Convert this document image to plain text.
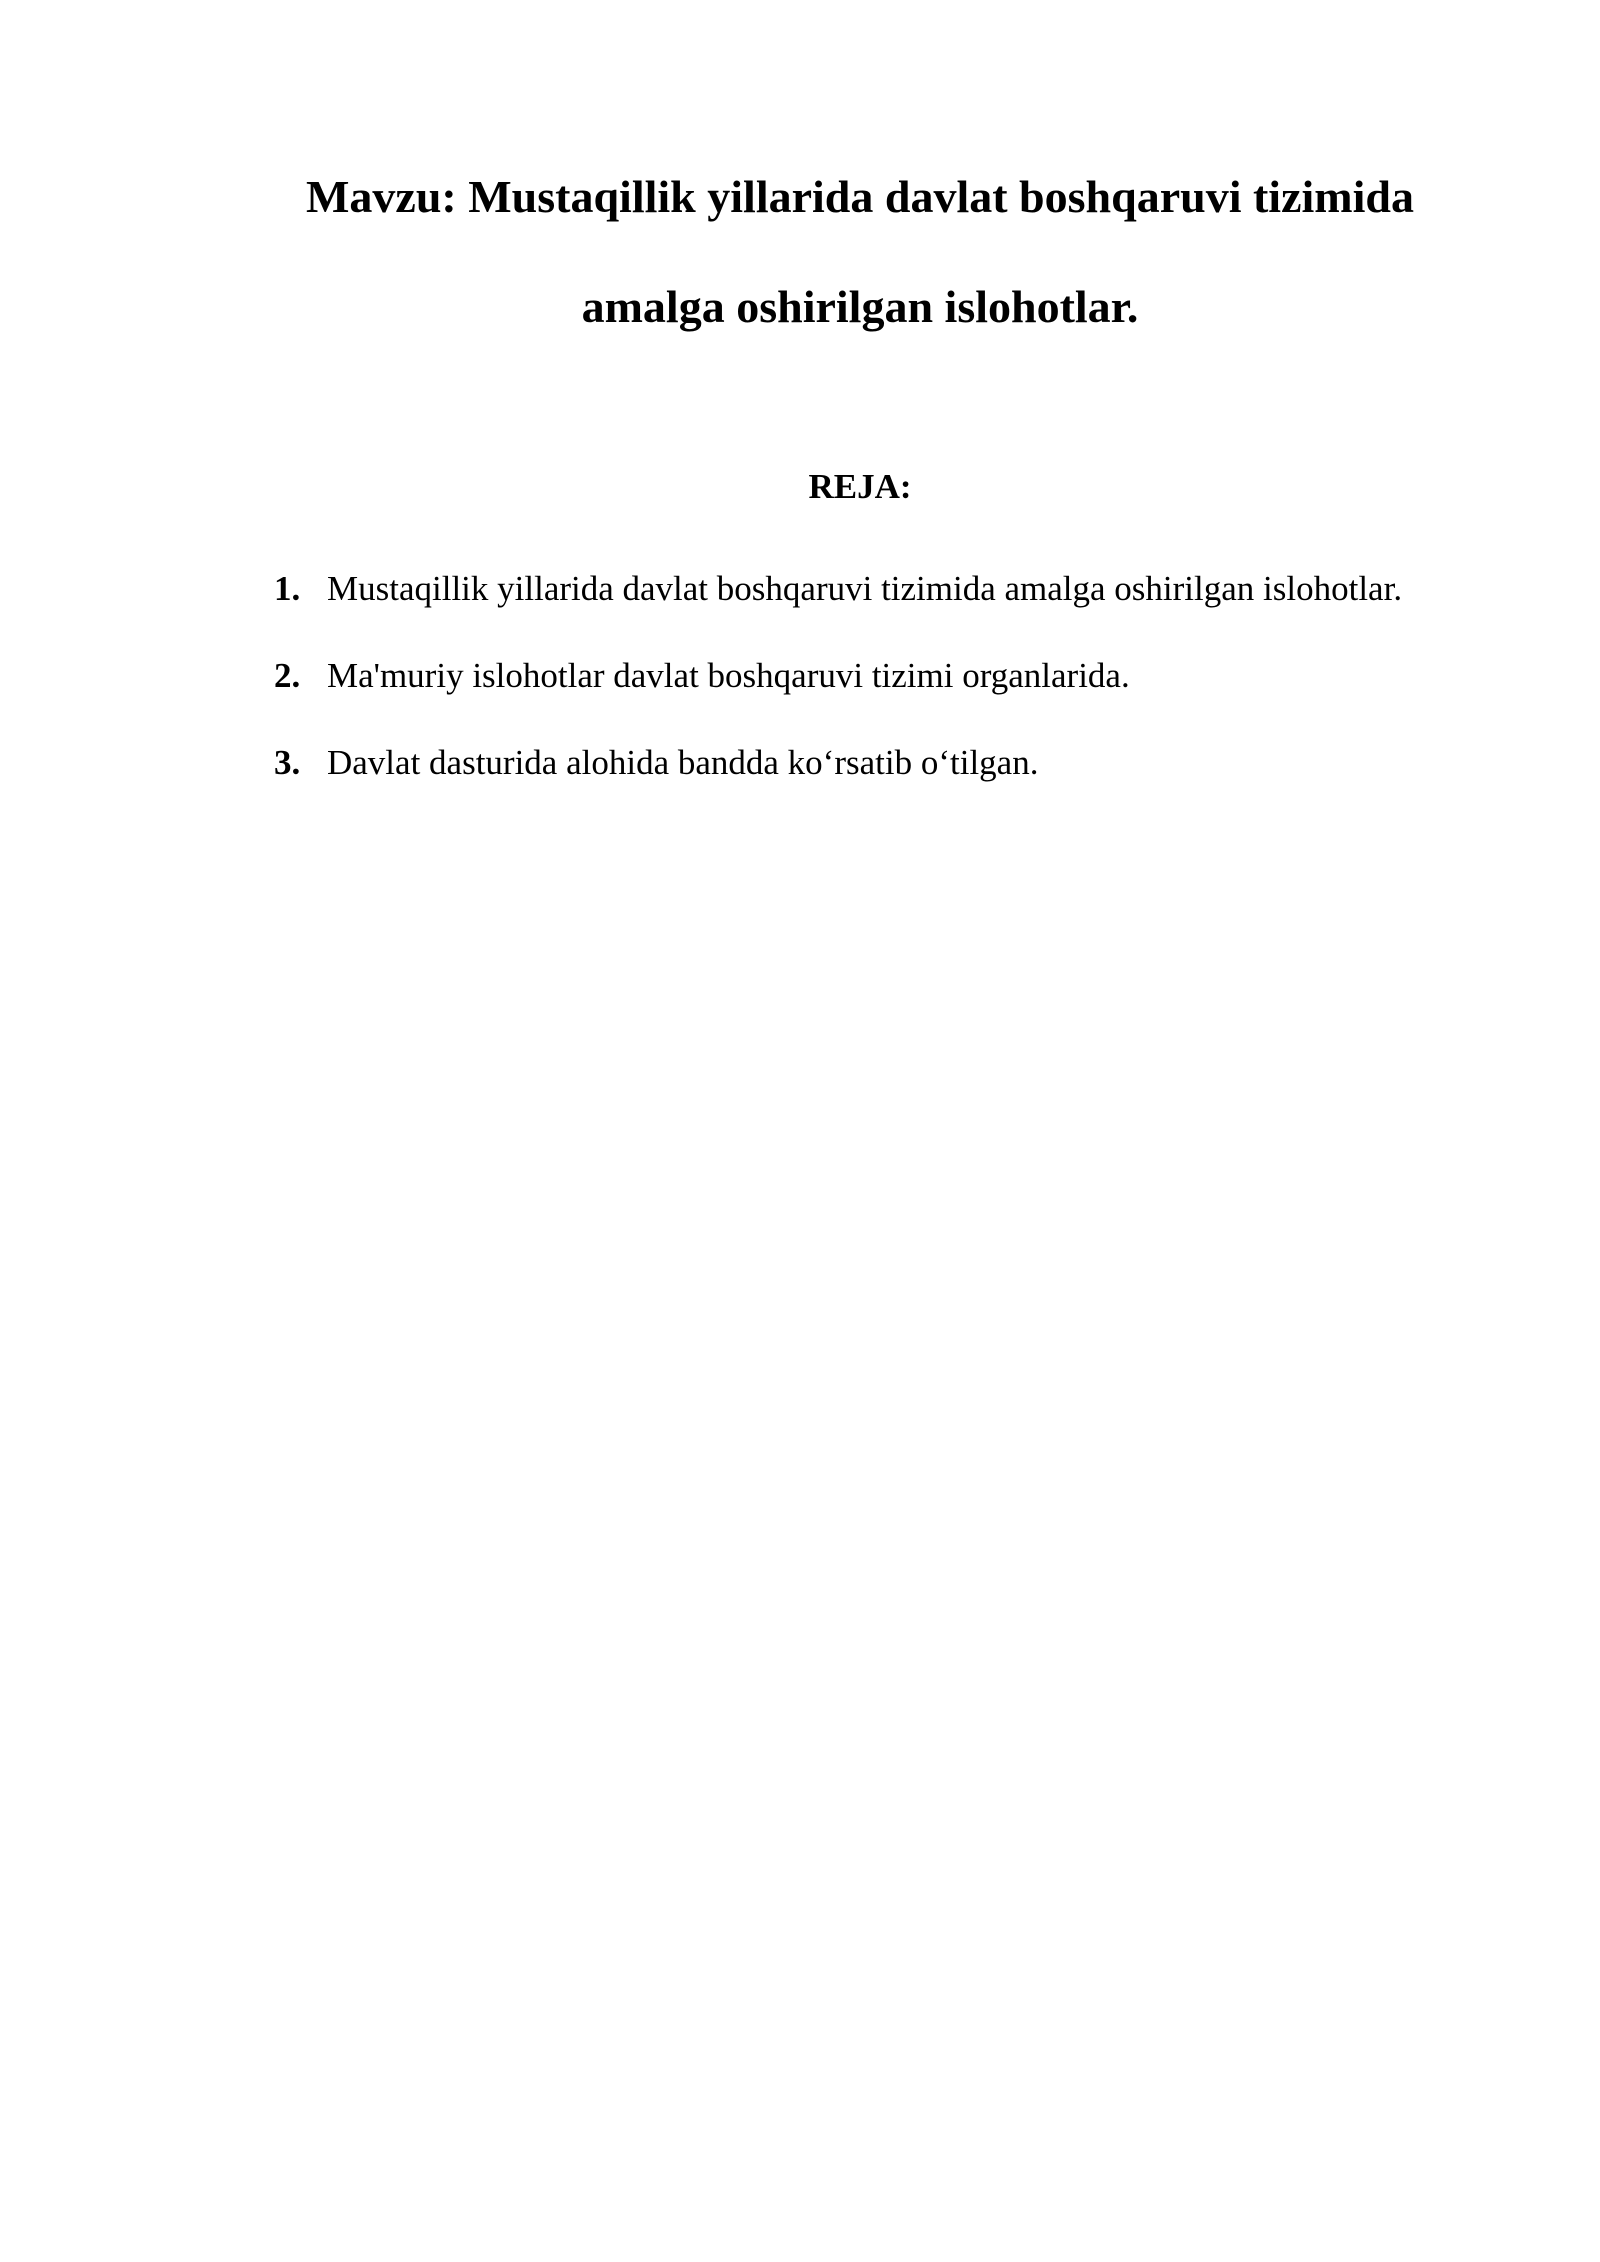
Mavzu: Mustaqillik yillarida davlat boshqaruvi tizimida
amalga oshirilgan islohotlar.
REJA:
1. Mustaqillik yillarida davlat boshqaruvi tizimida amalga oshirilgan islohotlar.
2. Ma'muriy islohotlar davlat boshqaruvi tizimi organlarida.
3. Davlat dasturida alohida bandda ko‘rsatib o‘tilgan.
